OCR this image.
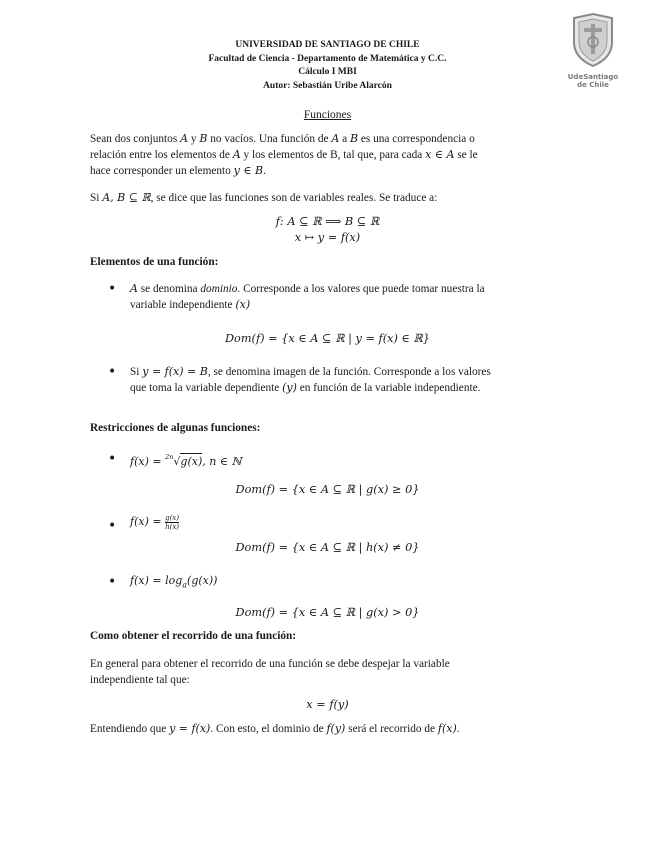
UdeSantiago
de Chile
UNIVERSIDAD DE SANTIAGO DE CHILE
Facultad de Ciencia - Departamento de Matemática y C.C.
Cálculo I MBI
Autor: Sebastián Uribe Alarcón
Funciones
Sean dos conjuntos A y B no vacíos. Una función de A a B es una correspondencia o
relación entre los elementos de A y los elementos de B, tal que, para cada x ∈ A se le
hace corresponder un elemento y ∈ B.
Si A, B ⊆ ℝ, se dice que las funciones son de variables reales. Se traduce a:
f: A ⊆ ℝ ⟹ B ⊆ ℝ
x ↦ y = f(x)
Elementos de una función:
• A se denomina dominio. Corresponde a los valores que puede tomar nuestra la
variable independiente (x)
Dom(f) = {x ∈ A ⊆ ℝ | y = f(x) ∈ ℝ}
• Si y = f(x) = B, se denomina imagen de la función. Corresponde a los valores
que toma la variable dependiente (y) en función de la variable independiente.
Restricciones de algunas funciones:
• f(x) = $^{2n}$√g(x), n ∈ ℕ
Dom(f) = {x ∈ A ⊆ ℝ | g(x) ≥ 0}
• $f(x) = \frac{g(x)}{h(x)}$
Dom(f) = {x ∈ A ⊆ ℝ | h(x) ≠ 0}
• $f(x) = \log_a(g(x))$
Dom(f) = {x ∈ A ⊆ ℝ | g(x) > 0}
Como obtener el recorrido de una función:
En general para obtener el recorrido de una función se debe despejar la variable
independiente tal que:
x = f(y)
Entendiendo que y = f(x). Con esto, el dominio de f(y) será el recorrido de f(x).
